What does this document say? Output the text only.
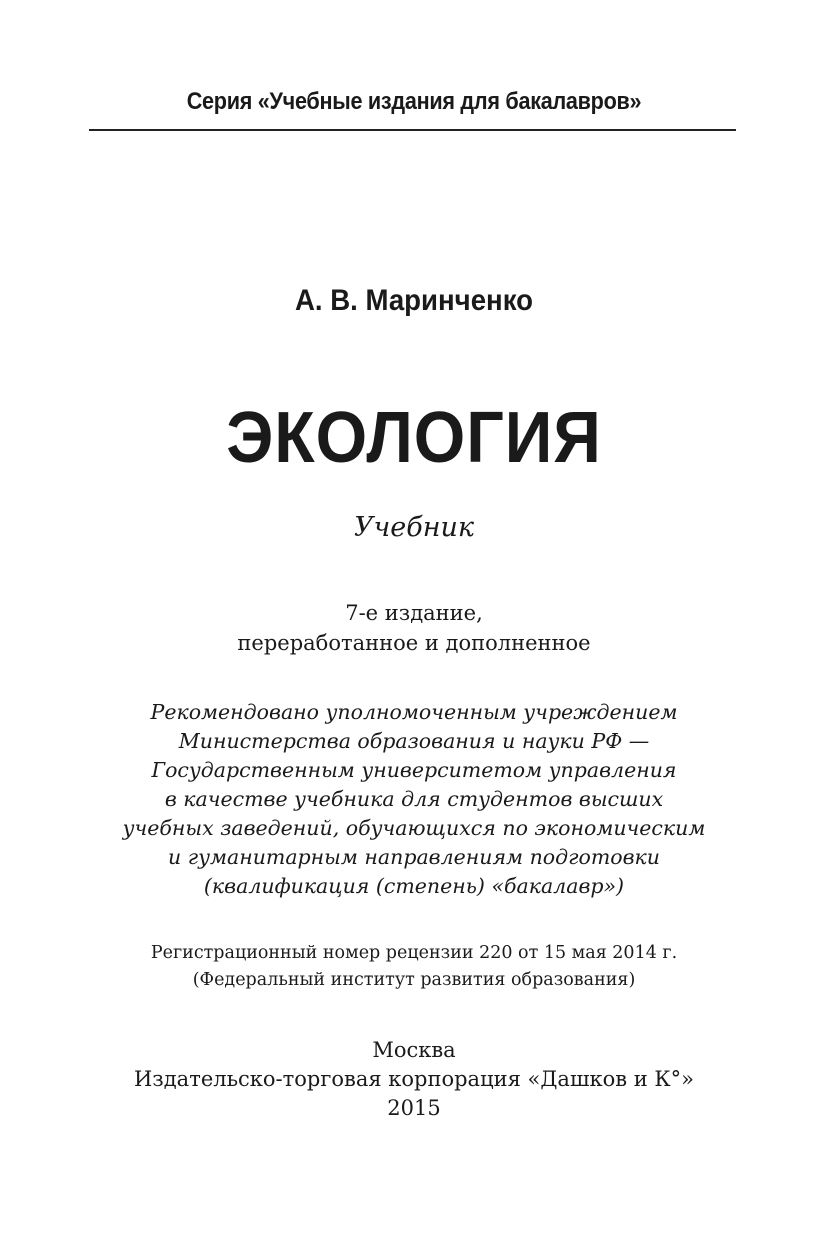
Серия «Учебные издания для бакалавров»
А. В. Маринченко
ЭКОЛОГИЯ
Учебник
7-е издание,
переработанное и дополненное
Рекомендовано уполномоченным учреждением
Министерства образования и науки РФ —
Государственным университетом управления
в качестве учебника для студентов высших
учебных заведений, обучающихся по экономическим
и гуманитарным направлениям подготовки
(квалификация (степень) «бакалавр»)
Регистрационный номер рецензии 220 от 15 мая 2014 г.
(Федеральный институт развития образования)
Москва
Издательско-торговая корпорация «Дашков и К°»
2015
